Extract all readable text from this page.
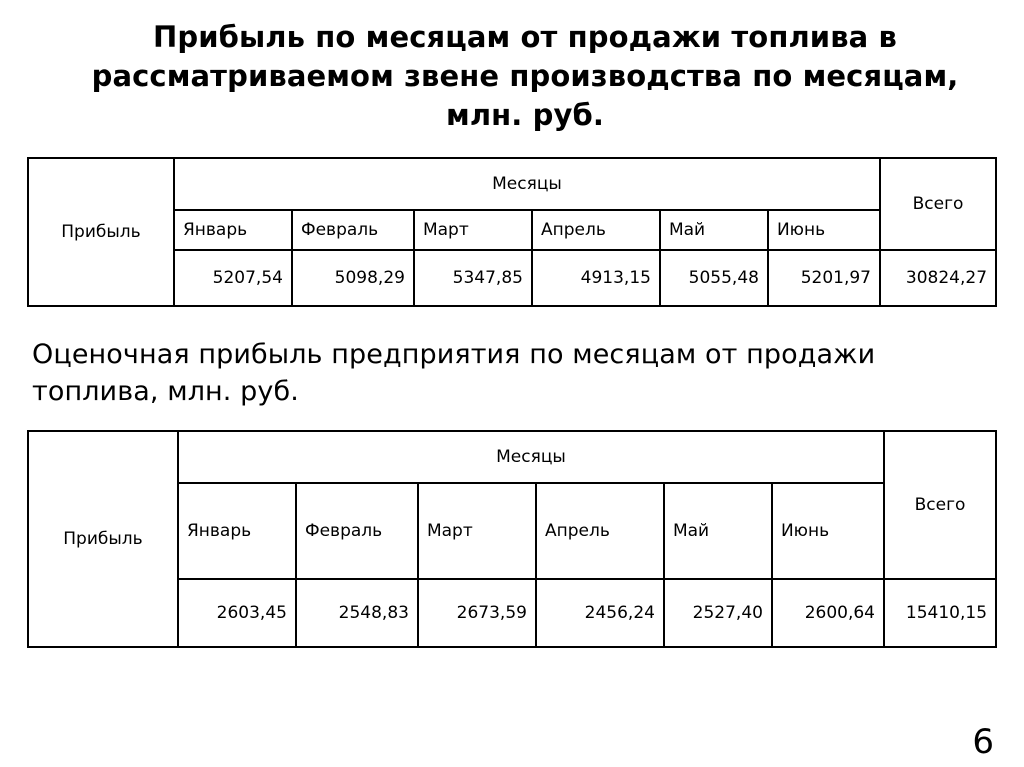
Прибыль по месяцам от продажи топлива в рассматриваемом звене производства по месяцам, млн. руб.
Прибыль	Месяцы						Всего
	Январь	Февраль	Март	Апрель	Май	Июнь	
	5207,54	5098,29	5347,85	4913,15	5055,48	5201,97	30824,27
Оценочная прибыль предприятия по месяцам от продажи топлива, млн. руб.
Прибыль	Месяцы						Всего
	Январь	Февраль	Март	Апрель	Май	Июнь	
	2603,45	2548,83	2673,59	2456,24	2527,40	2600,64	15410,15
6
